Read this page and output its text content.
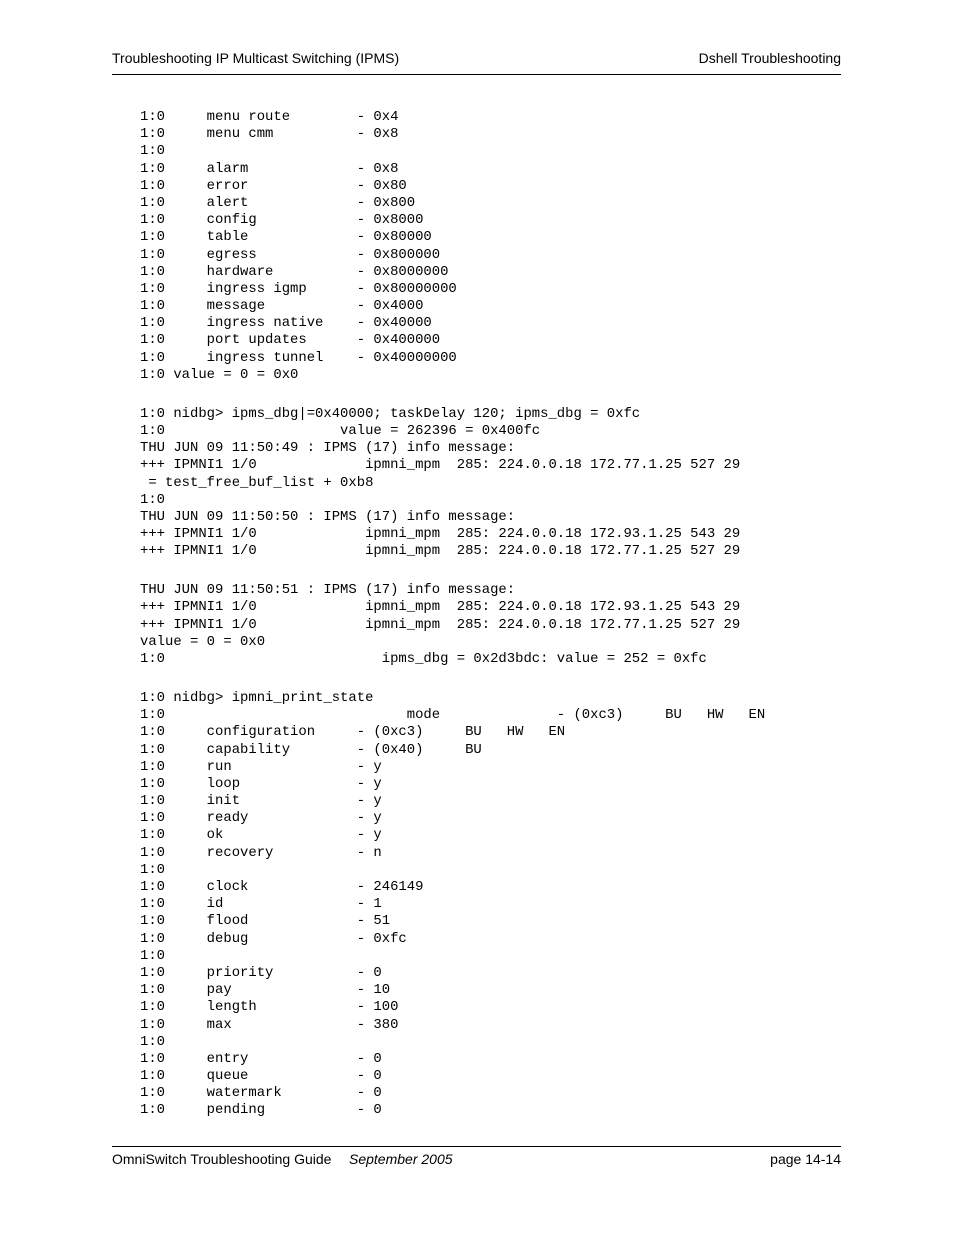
Troubleshooting IP Multicast Switching (IPMS)	Dshell Troubleshooting
1:0     menu route        - 0x4
1:0     menu cmm          - 0x8
1:0
1:0     alarm             - 0x8
1:0     error             - 0x80
1:0     alert             - 0x800
1:0     config            - 0x8000
1:0     table             - 0x80000
1:0     egress            - 0x800000
1:0     hardware          - 0x8000000
1:0     ingress igmp      - 0x80000000
1:0     message           - 0x4000
1:0     ingress native    - 0x40000
1:0     port updates      - 0x400000
1:0     ingress tunnel    - 0x40000000
1:0 value = 0 = 0x0
1:0 nidbg> ipms_dbg|=0x40000; taskDelay 120; ipms_dbg = 0xfc
1:0                     value = 262396 = 0x400fc
THU JUN 09 11:50:49 : IPMS (17) info message:
+++ IPMNI1 1/0             ipmni_mpm  285: 224.0.0.18 172.77.1.25 527 29
= test_free_buf_list + 0xb8
1:0
THU JUN 09 11:50:50 : IPMS (17) info message:
+++ IPMNI1 1/0             ipmni_mpm  285: 224.0.0.18 172.93.1.25 543 29
+++ IPMNI1 1/0             ipmni_mpm  285: 224.0.0.18 172.77.1.25 527 29
THU JUN 09 11:50:51 : IPMS (17) info message:
+++ IPMNI1 1/0             ipmni_mpm  285: 224.0.0.18 172.93.1.25 543 29
+++ IPMNI1 1/0             ipmni_mpm  285: 224.0.0.18 172.77.1.25 527 29
value = 0 = 0x0
1:0                          ipms_dbg = 0x2d3bdc: value = 252 = 0xfc
1:0 nidbg> ipmni_print_state
1:0                             mode              - (0xc3)     BU   HW   EN
1:0     configuration     - (0xc3)     BU   HW   EN
1:0     capability        - (0x40)     BU
1:0     run               - y
1:0     loop              - y
1:0     init              - y
1:0     ready             - y
1:0     ok                - y
1:0     recovery          - n
1:0
1:0     clock             - 246149
1:0     id                - 1
1:0     flood             - 51
1:0     debug             - 0xfc
1:0
1:0     priority          - 0
1:0     pay               - 10
1:0     length            - 100
1:0     max               - 380
1:0
1:0     entry             - 0
1:0     queue             - 0
1:0     watermark         - 0
1:0     pending           - 0
OmniSwitch Troubleshooting Guide September 2005	page 14-14
